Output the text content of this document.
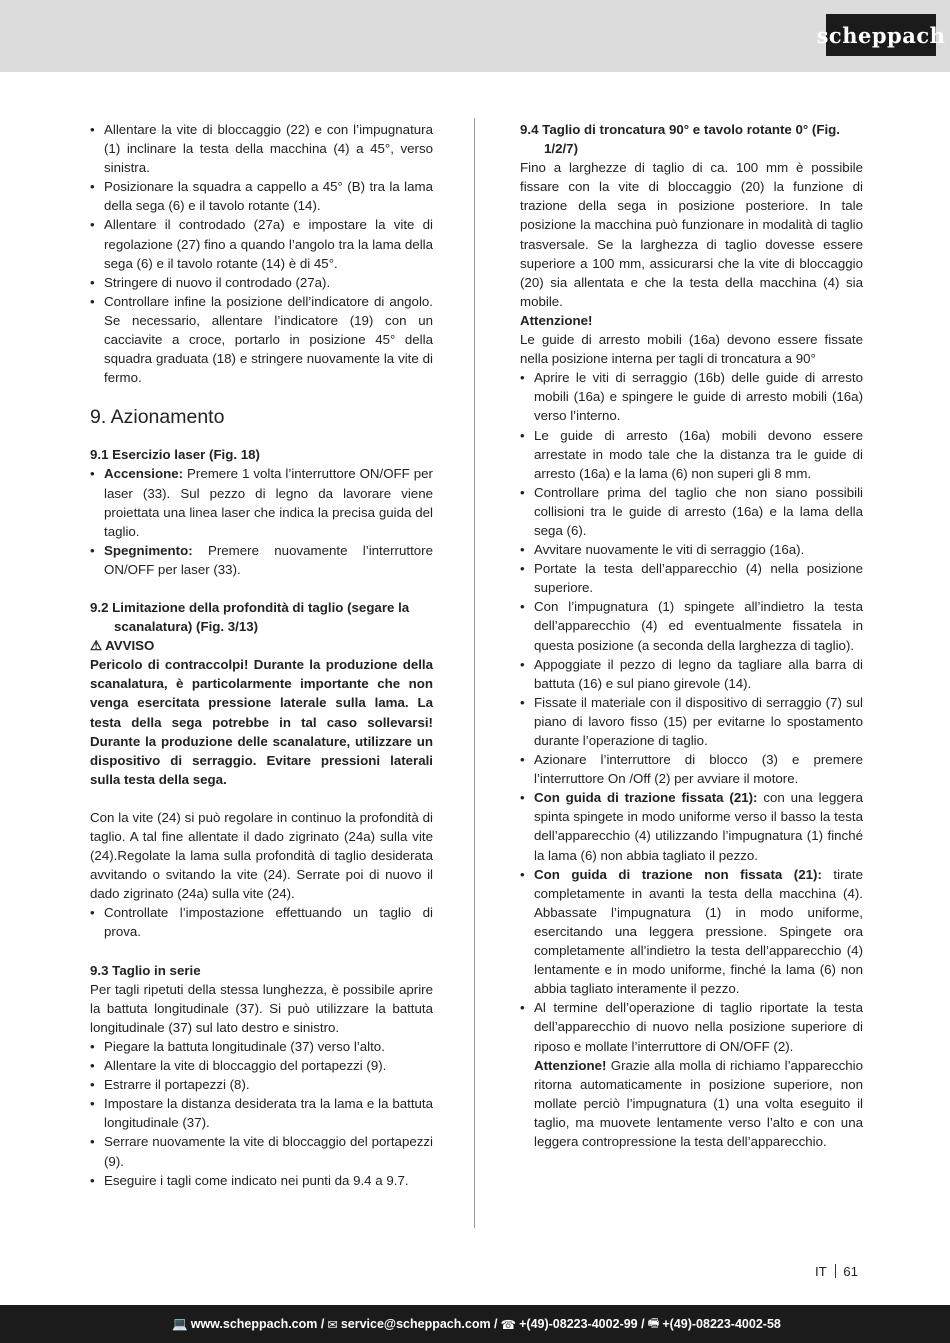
scheppach
• Allentare la vite di bloccaggio (22) e con l’impugnatura (1) inclinare la testa della macchina (4) a 45°, verso sinistra.
• Posizionare la squadra a cappello a 45° (B) tra la lama della sega (6) e il tavolo rotante (14).
• Allentare il controdado (27a) e impostare la vite di regolazione (27) fino a quando l’angolo tra la lama della sega (6) e il tavolo rotante (14) è di 45°.
• Stringere di nuovo il controdado (27a).
• Controllare infine la posizione dell’indicatore di angolo. Se necessario, allentare l’indicatore (19) con un cacciavite a croce, portarlo in posizione 45° della squadra graduata (18) e stringere nuovamente la vite di fermo.
9. Azionamento
9.1 Esercizio laser (Fig. 18)
• Accensione: Premere 1 volta l’interruttore ON/OFF per laser (33). Sul pezzo di legno da lavorare viene proiettata una linea laser che indica la precisa guida del taglio.
• Spegnimento: Premere nuovamente l’interruttore ON/OFF per laser (33).
9.2 Limitazione della profondità di taglio (segare la scanalatura) (Fig. 3/13)

⚠ AVVISO

Pericolo di contraccolpi! Durante la produzione della scanalatura, è particolarmente importante che non venga esercitata pressione laterale sulla lama. La testa della sega potrebbe in tal caso sollevarsi! Durante la produzione delle scanalature, utilizzare un dispositivo di serraggio. Evitare pressioni laterali sulla testa della sega.

Con la vite (24) si può regolare in continuo la profondità di taglio. A tal fine allentate il dado zigrinato (24a) sulla vite (24).Regolate la lama sulla profondità di taglio desiderata avvitando o svitando la vite (24). Serrate poi di nuovo il dado zigrinato (24a) sulla vite (24).

• Controllate l’impostazione effettuando un taglio di prova.
9.3 Taglio in serie

Per tagli ripetuti della stessa lunghezza, è possibile aprire la battuta longitudinale (37). Si può utilizzare la battuta longitudinale (37) sul lato destro e sinistro.

• Piegare la battuta longitudinale (37) verso l’alto.
• Allentare la vite di bloccaggio del portapezzi (9).
• Estrarre il portapezzi (8).
• Impostare la distanza desiderata tra la lama e la battuta longitudinale (37).
• Serrare nuovamente la vite di bloccaggio del portapezzi (9).
• Eseguire i tagli come indicato nei punti da 9.4 a 9.7.
9.4 Taglio di troncatura 90° e tavolo rotante 0° (Fig. 1/2/7)

Fino a larghezze di taglio di ca. 100 mm è possibile fissare con la vite di bloccaggio (20) la funzione di trazione della sega in posizione posteriore. In tale posizione la macchina può funzionare in modalità di taglio trasversale. Se la larghezza di taglio dovesse essere superiore a 100 mm, assicurarsi che la vite di bloccaggio (20) sia allentata e che la testa della macchina (4) sia mobile.

Attenzione!

Le guide di arresto mobili (16a) devono essere fissate nella posizione interna per tagli di troncatura a 90°

• Aprire le viti di serraggio (16b) delle guide di arresto mobili (16a) e spingere le guide di arresto mobili (16a) verso l’interno.
• Le guide di arresto (16a) mobili devono essere arrestate in modo tale che la distanza tra le guide di arresto (16a) e la lama (6) non superi gli 8 mm.
• Controllare prima del taglio che non siano possibili collisioni tra le guide di arresto (16a) e la lama della sega (6).
• Avvitare nuovamente le viti di serraggio (16a).
• Portate la testa dell’apparecchio (4) nella posizione superiore.
• Con l’impugnatura (1) spingete all’indietro la testa dell’apparecchio (4) ed eventualmente fissatela in questa posizione (a seconda della larghezza di taglio).
• Appoggiate il pezzo di legno da tagliare alla barra di battuta (16) e sul piano girevole (14).
• Fissate il materiale con il dispositivo di serraggio (7) sul piano di lavoro fisso (15) per evitarne lo spostamento durante l’operazione di taglio.
• Azionare l’interruttore di blocco (3) e premere l’interruttore On /Off (2) per avviare il motore.
• Con guida di trazione fissata (21): con una leggera spinta spingete in modo uniforme verso il basso la testa dell’apparecchio (4) utilizzando l’impugnatura (1) finché la lama (6) non abbia tagliato il pezzo.
• Con guida di trazione non fissata (21): tirate completamente in avanti la testa della macchina (4). Abbassate l’impugnatura (1) in modo uniforme, esercitando una leggera pressione. Spingete ora completamente all’indietro la testa dell’apparecchio (4) lentamente e in modo uniforme, finché la lama (6) non abbia tagliato interamente il pezzo.
• Al termine dell’operazione di taglio riportate la testa dell’apparecchio di nuovo nella posizione superiore di riposo e mollate l’interruttore di ON/OFF (2).

Attenzione! Grazie alla molla di richiamo l’apparecchio ritorna automaticamente in posizione superiore, non mollate perciò l’impugnatura (1) una volta eseguito il taglio, ma muovete lentamente verso l’alto e con una leggera contropressione la testa dell’apparecchio.

IT 61
💻 www.scheppach.com / ✉ service@scheppach.com / ☎ +(49)-08223-4002-99 / 🖷 +(49)-08223-4002-58
